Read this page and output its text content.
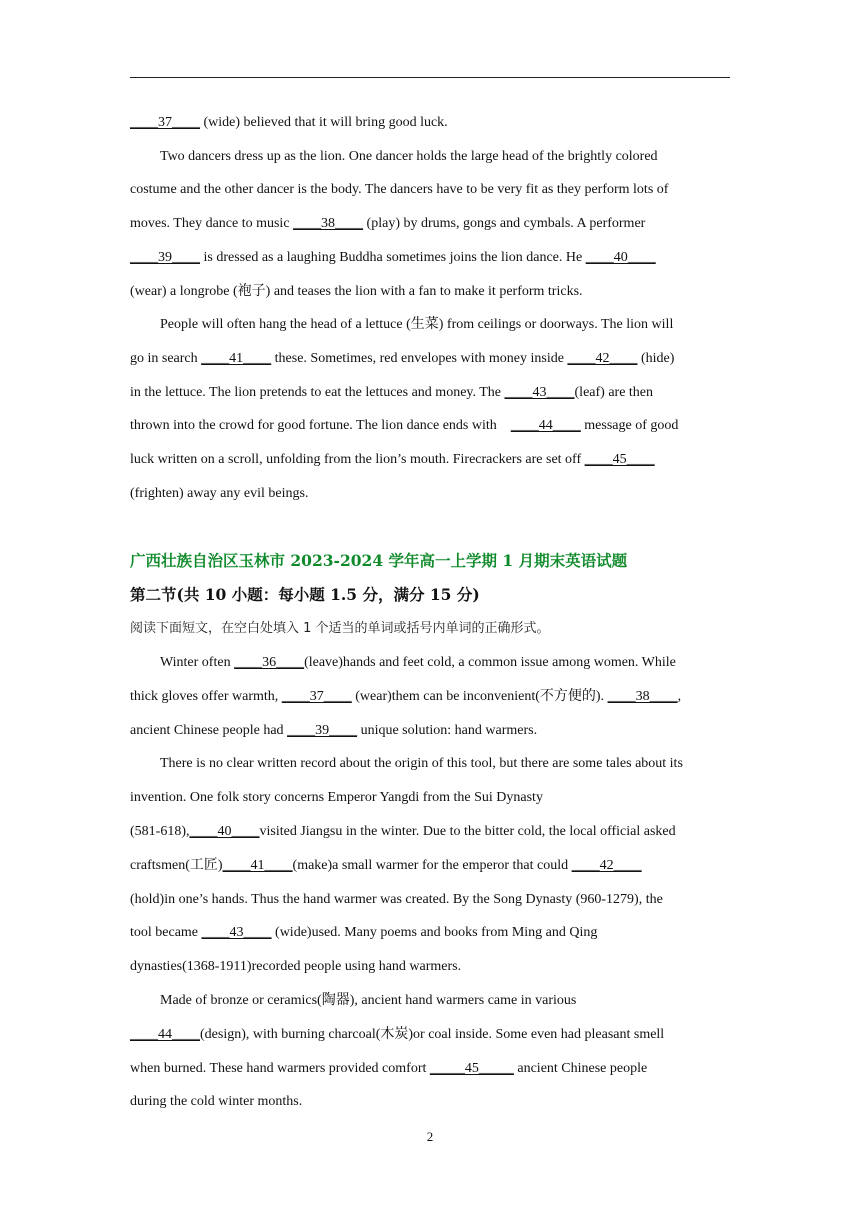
____37____ (wide) believed that it will bring good luck.
Two dancers dress up as the lion. One dancer holds the large head of the brightly colored
costume and the other dancer is the body. The dancers have to be very fit as they perform lots of
moves. They dance to music ____38____ (play) by drums, gongs and cymbals. A performer
____39____ is dressed as a laughing Buddha sometimes joins the lion dance. He ____40____
(wear) a longrobe (袍子) and teases the lion with a fan to make it perform tricks.
People will often hang the head of a lettuce (生菜) from ceilings or doorways. The lion will
go in search ____41____ these. Sometimes, red envelopes with money inside ____42____ (hide)
in the lettuce. The lion pretends to eat the lettuces and money. The ____43____(leaf) are then
thrown into the crowd for good fortune. The lion dance ends with    ____44____ message of good
luck written on a scroll, unfolding from the lion’s mouth. Firecrackers are set off ____45____
(frighten) away any evil beings.
广西壮族自治区玉林市 2023-2024 学年高一上学期 1 月期末英语试题
第二节(共 10 小题：每小题 1.5 分，满分 15 分)
阅读下面短文，在空白处填入 1 个适当的单词或括号内单词的正确形式。
Winter often ____36____(leave)hands and feet cold, a common issue among women. While
thick gloves offer warmth, ____37____ (wear)them can be inconvenient(不方便的). ____38____,
ancient Chinese people had ____39____ unique solution: hand warmers.
There is no clear written record about the origin of this tool, but there are some tales about its
invention. One folk story concerns Emperor Yangdi from the Sui Dynasty
(581-618),____40____visited Jiangsu in the winter. Due to the bitter cold, the local official asked
craftsmen(工匠)____41____(make)a small warmer for the emperor that could ____42____
(hold)in one’s hands. Thus the hand warmer was created. By the Song Dynasty (960-1279), the
tool became ____43____ (wide)used. Many poems and books from Ming and Qing
dynasties(1368-1911)recorded people using hand warmers.
Made of bronze or ceramics(陶器), ancient hand warmers came in various
____44____(design), with burning charcoal(木炭)or coal inside. Some even had pleasant smell
when burned. These hand warmers provided comfort _____45_____ ancient Chinese people
during the cold winter months.
2
